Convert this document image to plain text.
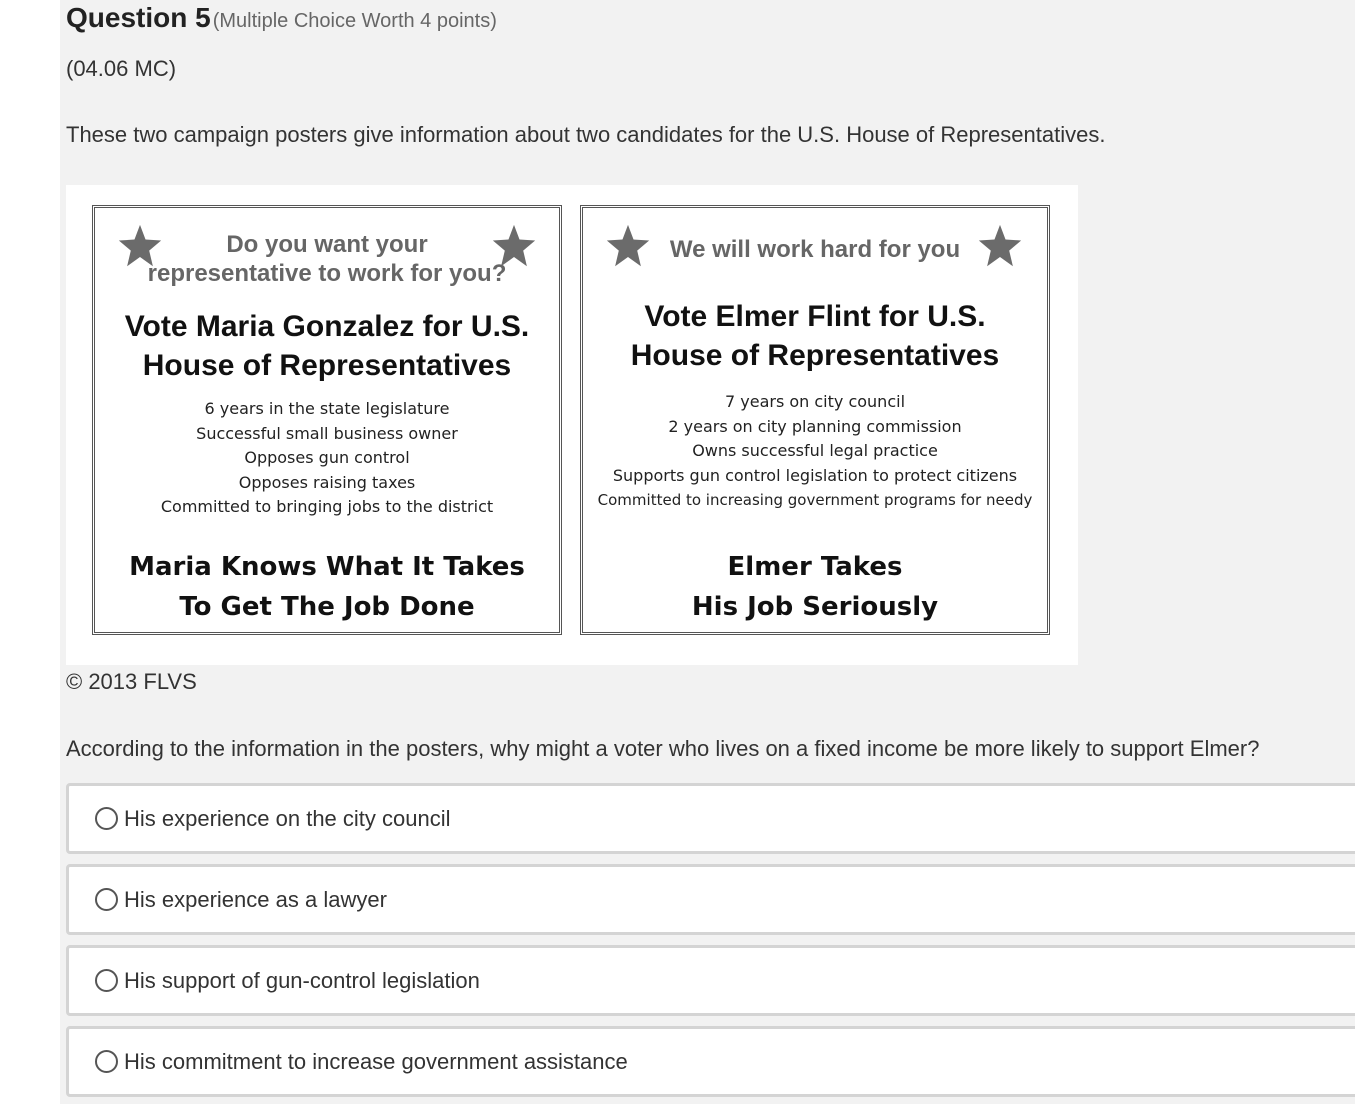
Question 5 (Multiple Choice Worth 4 points)
(04.06 MC)
These two campaign posters give information about two candidates for the U.S. House of Representatives.
Do you want your
representative to work for you?
Vote Maria Gonzalez for U.S.
House of Representatives
6 years in the state legislature
Successful small business owner
Opposes gun control
Opposes raising taxes
Committed to bringing jobs to the district
Maria Knows What It Takes
To Get The Job Done
We will work hard for you
Vote Elmer Flint for U.S.
House of Representatives
7 years on city council
2 years on city planning commission
Owns successful legal practice
Supports gun control legislation to protect citizens
Committed to increasing government programs for needy
Elmer Takes
His Job Seriously
© 2013 FLVS
According to the information in the posters, why might a voter who lives on a fixed income be more likely to support Elmer?
His experience on the city council
His experience as a lawyer
His support of gun-control legislation
His commitment to increase government assistance
